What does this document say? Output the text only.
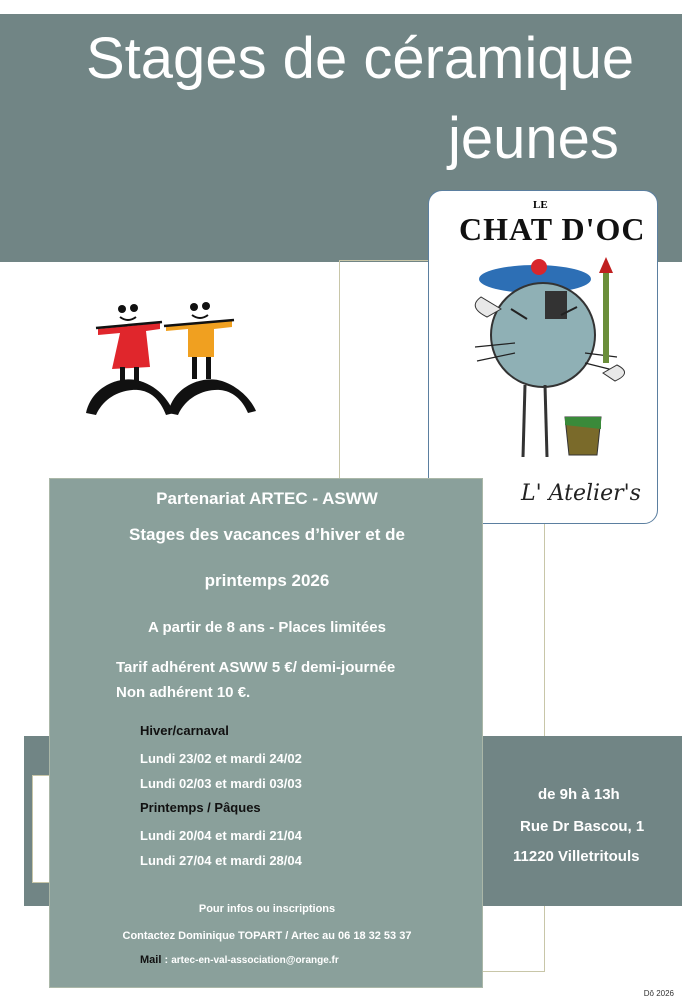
Stages de céramique
jeunes
LE
CHAT D'OC
L' Atelier's
de 9h à 13h
Rue Dr Bascou, 1
11220 Villetritouls
Partenariat ARTEC - ASWW
Stages des vacances d’hiver et de
printemps 2026
A partir de 8 ans - Places limitées
Tarif adhérent ASWW 5 €/ demi-journée
Non adhérent 10 €.
Hiver/carnaval
Lundi 23/02 et mardi 24/02
Lundi 02/03 et mardi 03/03
Printemps / Pâques
Lundi 20/04 et mardi 21/04
Lundi 27/04 et mardi 28/04
Pour infos ou inscriptions
Contactez Dominique TOPART / Artec au 06 18 32 53 37
Mail : artec-en-val-association@orange.fr
Dô 2026
